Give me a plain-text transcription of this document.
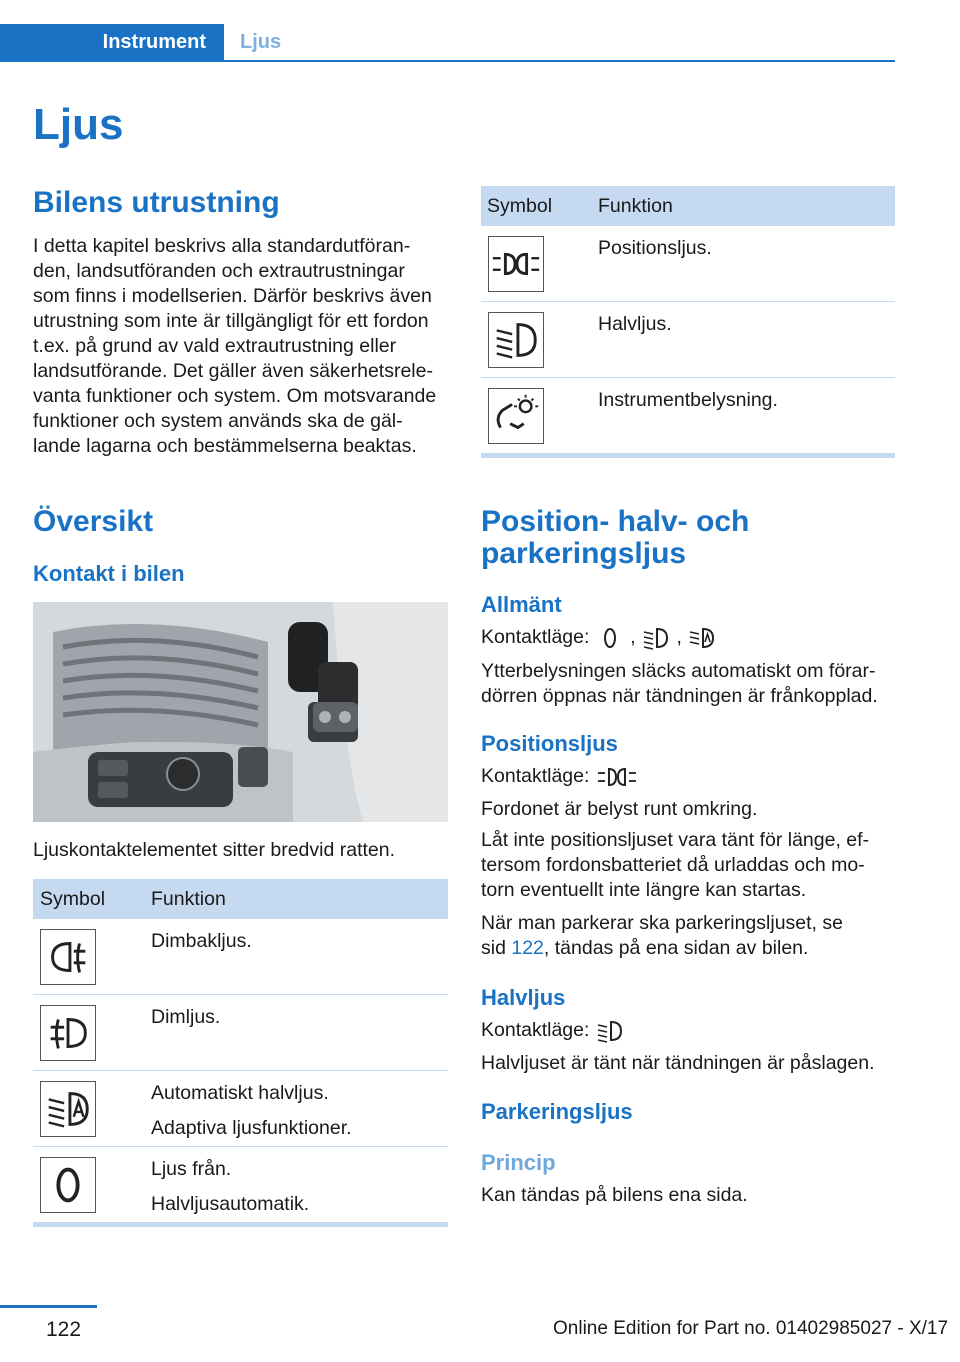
Instrument	Ljus
Ljus
Bilens utrustning
I detta kapitel beskrivs alla standardutföran-
den, landsutföranden och extrautrustningar
som finns i modellserien. Därför beskrivs även
utrustning som inte är tillgängligt för ett fordon
t.ex. på grund av vald extrautrustning eller
landsutförande. Det gäller även säkerhetsrele-
vanta funktioner och system. Om motsvarande
funktioner och system används ska de gäl-
lande lagarna och bestämmelserna beaktas.
Översikt
Kontakt i bilen
Ljuskontaktelementet sitter bredvid ratten.
Symbol Funktion
Dimbakljus.
Dimljus.
Automatiskt halvljus.
Adaptiva ljusfunktioner.
Ljus från.
Halvljusautomatik.
Symbol Funktion
Positionsljus.
Halvljus.
Instrumentbelysning.
Position- halv- och
parkeringsljus
Allmänt
Kontaktläge: , ,
Ytterbelysningen släcks automatiskt om förar-
dörren öppnas när tändningen är frånkopplad.
Positionsljus
Kontaktläge:
Fordonet är belyst runt omkring.
Låt inte positionsljuset vara tänt för länge, ef-
tersom fordonsbatteriet då urladdas och mo-
torn eventuellt inte längre kan startas.
När man parkerar ska parkeringsljuset, se
sid 122, tändas på ena sidan av bilen.
Halvljus
Kontaktläge:
Halvljuset är tänt när tändningen är påslagen.
Parkeringsljus
Princip
Kan tändas på bilens ena sida.
122	Online Edition for Part no. 01402985027 - X/17
